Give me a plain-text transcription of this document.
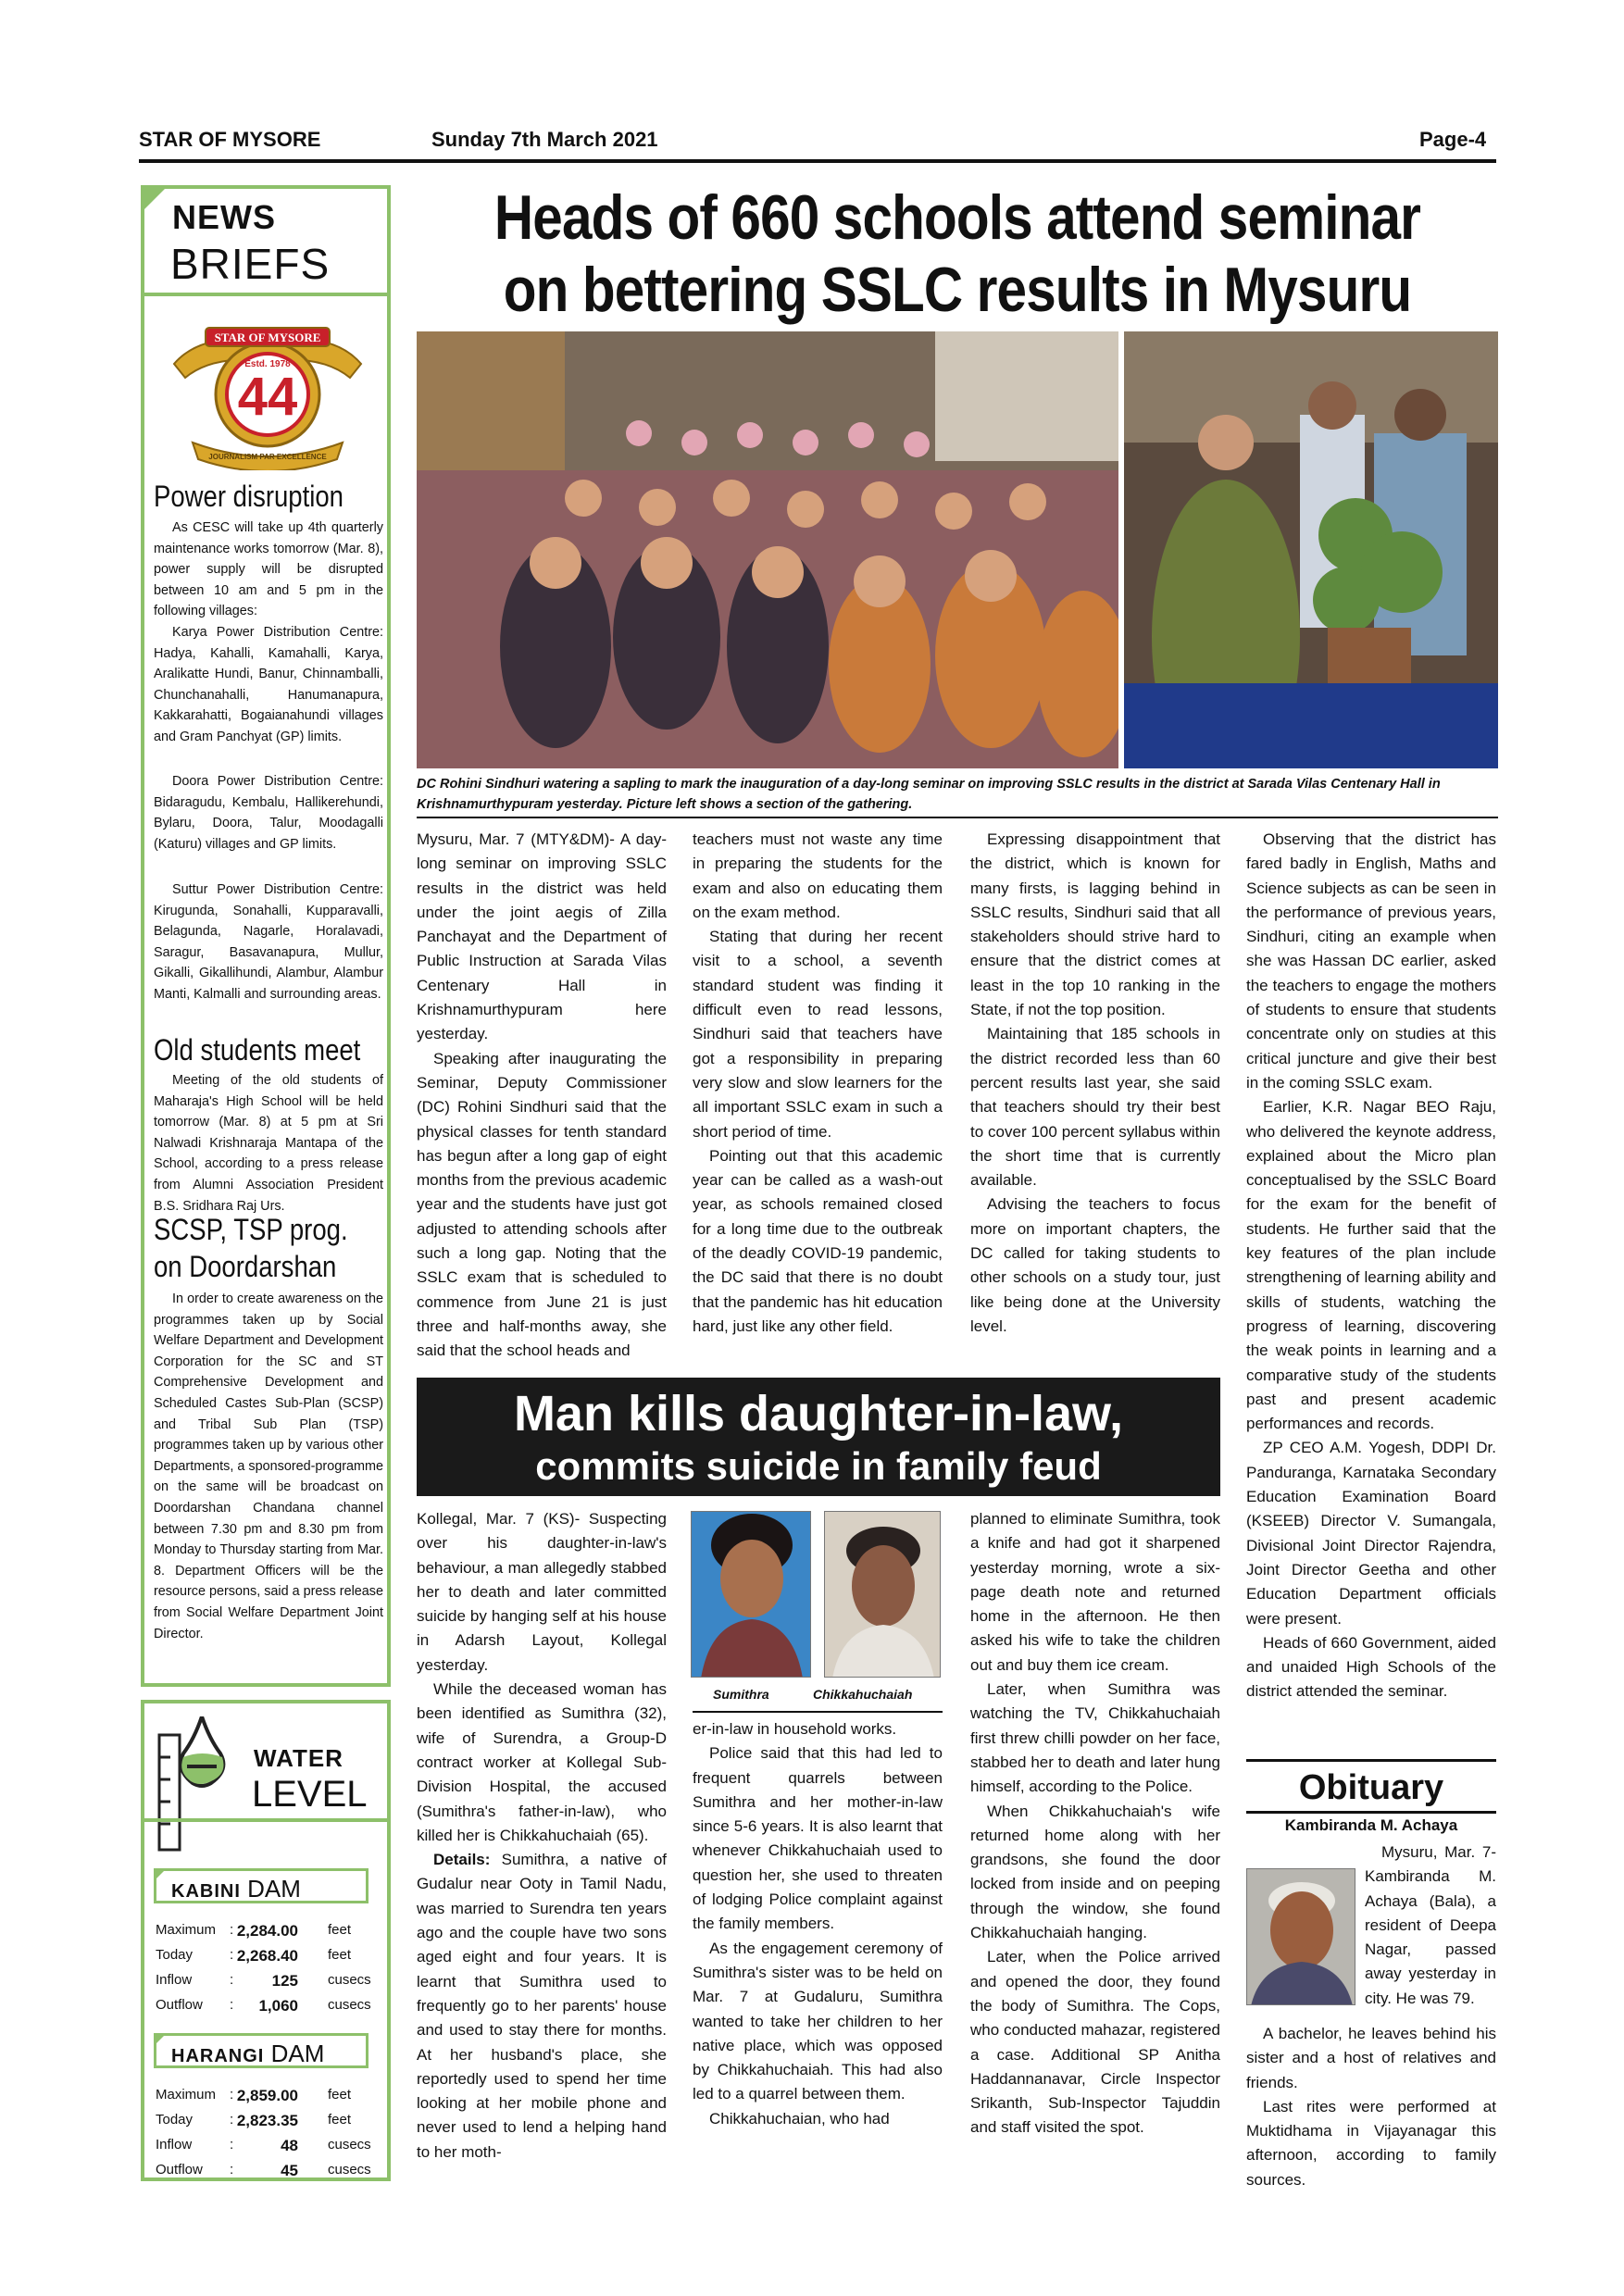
STAR OF MYSORE	Sunday 7th March 2021	Page-4
NEWS
BRIEFS
44
Estd. 1978
STAR OF MYSORE
JOURNALISM PAR EXCELLENCE
Power disruption

As CESC will take up 4th quarterly maintenance works tomorrow (Mar. 8), power supply will be disrupted between 10 am and 5 pm in the following villages:

Karya Power Distribution Centre: Hadya, Kahalli, Kamahalli, Karya, Aralikatte Hundi, Banur, Chinnamballi, Chunchanahalli, Hanumanapura, Kakkarahatti, Bogaianahundi villages and Gram Panchyat (GP) limits.

Doora Power Distribution Centre: Bidaragudu, Kembalu, Hallikerehundi, Bylaru, Doora, Talur, Moodagalli (Katuru) villages and GP limits.

Suttur Power Distribution Centre: Kirugunda, Sonahalli, Kupparavalli, Belagunda, Nagarle, Horalavadi, Saragur, Basavanapura, Mullur, Gikalli, Gikallihundi, Alambur, Alambur Manti, Kalmalli and surrounding areas.

Old students meet

Meeting of the old students of Maharaja's High School will be held tomorrow (Mar. 8) at 5 pm at Sri Nalwadi Krishnaraja Mantapa of the School, according to a press release from Alumni Association President B.S. Sridhara Raj Urs.

SCSP, TSP prog.
on Doordarshan

In order to create awareness on the programmes taken up by Social Welfare Department and Development Corporation for the SC and ST Comprehensive Development and Scheduled Castes Sub-Plan (SCSP) and Tribal Sub Plan (TSP) programmes taken up by various other Departments, a sponsored-programme on the same will be broadcast on Doordarshan Chandana channel between 7.30 pm and 8.30 pm from Monday to Thursday starting from Mar. 8. Department Officers will be the resource persons, said a press release from Social Welfare Department Joint Director.

WATER
LEVEL
KABINI DAM
Maximum : 2,284.00 feet
Today	: 2,268.40 feet
Inflow	: 125 cusecs
Outflow : 1,060 cusecs
HARANGI DAM
Maximum : 2,859.00 feet
Today	: 2,823.35 feet
Inflow	:	48 cusecs
Outflow :	45 cusecs
Heads of 660 schools attend seminar
on bettering SSLC results in Mysuru
DC Rohini Sindhuri watering a sapling to mark the inauguration of a day-long seminar on improving SSLC results in the district at Sarada Vilas Centenary Hall in Krishnamurthypuram yesterday. Picture left shows a section of the gathering.

Mysuru, Mar. 7 (MTY&DM)- A day-long seminar on improving SSLC results in the district was held under the joint aegis of Zilla Panchayat and the Department of Public Instruction at Sarada Vilas Centenary Hall in Krishnamurthypuram here yesterday.

Speaking after inaugurating the Seminar, Deputy Commissioner (DC) Rohini Sindhuri said that the physical classes for tenth standard has begun after a long gap of eight months from the previous academic year and the students have just got adjusted to attending schools after such a long gap. Noting that the SSLC exam that is scheduled to commence from June 21 is just three and half-months away, she said that the school heads and

teachers must not waste any time in preparing the students for the exam and also on educating them on the exam method.

Stating that during her recent visit to a school, a seventh standard student was finding it difficult even to read lessons, Sindhuri said that teachers have got a responsibility in preparing very slow and slow learners for the all important SSLC exam in such a short period of time.

Pointing out that this academic year can be called as a wash-out year, as schools remained closed for a long time due to the outbreak of the deadly COVID-19 pandemic, the DC said that there is no doubt that the pandemic has hit education hard, just like any other field.

Expressing disappointment that the district, which is known for many firsts, is lagging behind in SSLC results, Sindhuri said that all stakeholders should strive hard to ensure that the district comes at least in the top 10 ranking in the State, if not the top position.

Maintaining that 185 schools in the district recorded less than 60 percent results last year, she said that teachers should try their best to cover 100 percent syllabus within the short time that is currently available.

Advising the teachers to focus more on important chapters, the DC called for taking students to other schools on a study tour, just like being done at the University level.

Observing that the district has fared badly in English, Maths and Science subjects as can be seen in the performance of previous years, Sindhuri, citing an example when she was Hassan DC earlier, asked the teachers to engage the mothers of students to ensure that students concentrate only on studies at this critical juncture and give their best in the coming SSLC exam.

Earlier, K.R. Nagar BEO Raju, who delivered the keynote address, explained about the Micro plan conceptualised by the SSLC Board for the exam for the benefit of students. He further said that the key features of the plan include strengthening of learning ability and skills of students, watching the progress of learning, discovering the weak points in learning and a comparative study of the students past and present academic performances and records.

ZP CEO A.M. Yogesh, DDPI Dr. Panduranga, Karnataka Secondary Education Examination Board (KSEEB) Director V. Sumangala, Divisional Joint Director Rajendra, Joint Director Geetha and other Education Department officials were present.

Heads of 660 Government, aided and unaided High Schools of the district attended the seminar.

Man kills daughter-in-law,
commits suicide in family feud

Kollegal, Mar. 7 (KS)- Suspecting over his daughter-in-law's behaviour, a man allegedly stabbed her to death and later committed suicide by hanging self at his house in Adarsh Layout, Kollegal yesterday.

While the deceased woman has been identified as Sumithra (32), wife of Surendra, a Group-D contract worker at Kollegal Sub-Division Hospital, the accused (Sumithra's father-in-law), who killed her is Chikkahuchaiah (65).

Details: Sumithra, a native of Gudalur near Ooty in Tamil Nadu, was married to Surendra ten years ago and the couple have two sons aged eight and four years. It is learnt that Sumithra used to frequently go to her parents' house and used to stay there for months. At her husband's place, she reportedly used to spend her time looking at her mobile phone and never used to lend a helping hand to her moth-

Sumithra	Chikkahuchaiah

er-in-law in household works.

Police said that this had led to frequent quarrels between Sumithra and her mother-in-law since 5-6 years. It is also learnt that whenever Chikkahuchaiah used to question her, she used to threaten of lodging Police complaint against the family members.

As the engagement ceremony of Sumithra's sister was to be held on Mar. 7 at Gudaluru, Sumithra wanted to take her children to her native place, which was opposed by Chikkahuchaiah. This had also led to a quarrel between them.

Chikkahuchaian, who had

planned to eliminate Sumithra, took a knife and had got it sharpened yesterday morning, wrote a six-page death note and returned home in the afternoon. He then asked his wife to take the children out and buy them ice cream.

Later, when Sumithra was watching the TV, Chikkahuchaiah first threw chilli powder on her face, stabbed her to death and later hung himself, according to the Police.

When Chikkahuchaiah's wife returned home along with her grandsons, she found the door locked from inside and on peeping through the window, she found Chikkahuchaiah hanging.

Later, when the Police arrived and opened the door, they found the body of Sumithra. The Cops, who conducted mahazar, registered a case. Additional SP Anitha Haddannanavar, Circle Inspector Srikanth, Sub-Inspector Tajuddin and staff visited the spot.

Obituary
Kambiranda M. Achaya
Mysuru, Mar. 7- Kambiranda M. Achaya (Bala), a resident of Deepa Nagar, passed away yesterday in city. He was 79.

A bachelor, he leaves behind his sister and a host of relatives and friends.

Last rites were performed at Muktidhama in Vijayanagar this afternoon, according to family sources.
